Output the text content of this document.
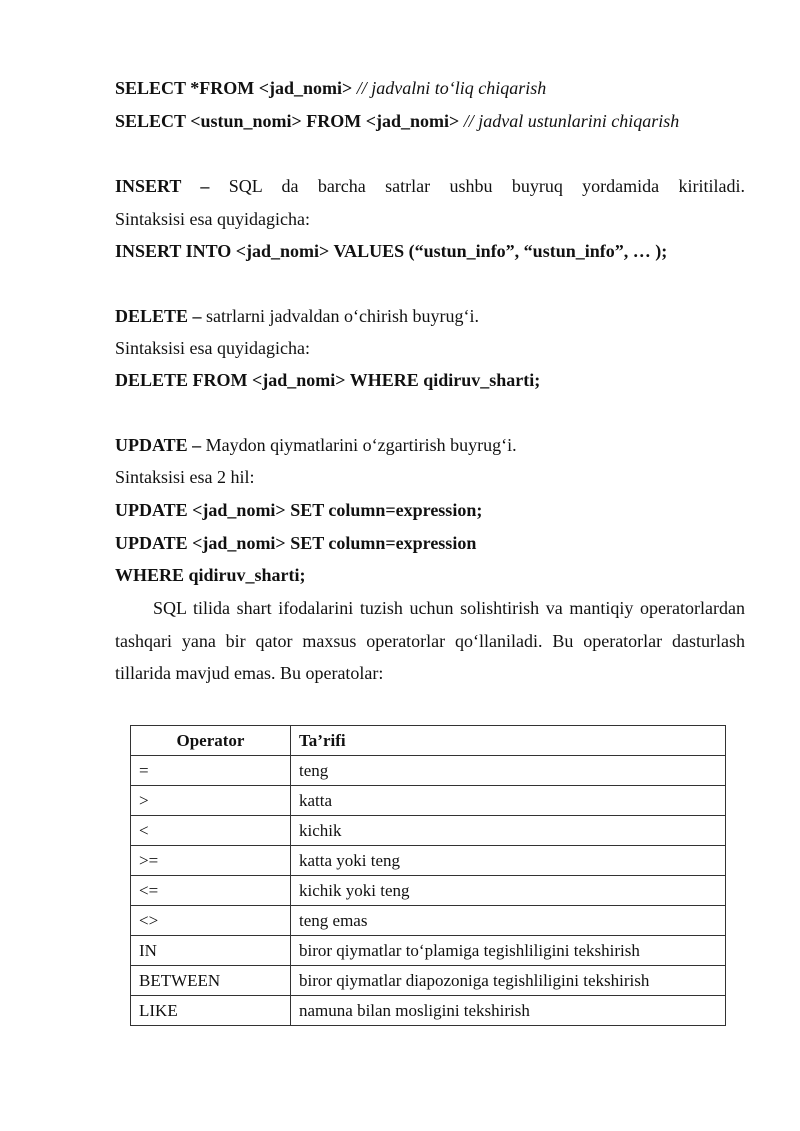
SELECT *FROM <jad_nomi> // jadvalni to‘liq chiqarish
SELECT <ustun_nomi> FROM <jad_nomi> // jadval ustunlarini chiqarish
INSERT – SQL da barcha satrlar ushbu buyruq yordamida kiritiladi.
Sintaksisi esa quyidagicha:
INSERT INTO <jad_nomi> VALUES (“ustun_info”, “ustun_info”, … );
DELETE – satrlarni jadvaldan o‘chirish buyrug‘i.
Sintaksisi esa quyidagicha:
DELETE FROM <jad_nomi> WHERE qidiruv_sharti;
UPDATE – Maydon qiymatlarini o‘zgartirish buyrug‘i.
Sintaksisi esa 2 hil:
UPDATE <jad_nomi> SET column=expression;
UPDATE <jad_nomi> SET column=expression
WHERE qidiruv_sharti;
SQL tilida shart ifodalarini tuzish uchun solishtirish va mantiqiy operatorlardan
tashqari yana bir qator maxsus operatorlar qo‘llaniladi. Bu operatorlar dasturlash
tillarida mavjud emas. Bu operatolar:
Operator	Ta’rifi
=	teng
>	katta
<	kichik
>=	katta yoki teng
<=	kichik yoki teng
<>	teng emas
IN	biror qiymatlar to‘plamiga tegishliligini tekshirish
BETWEEN	biror qiymatlar diapozoniga tegishliligini tekshirish
LIKE	namuna bilan mosligini tekshirish
